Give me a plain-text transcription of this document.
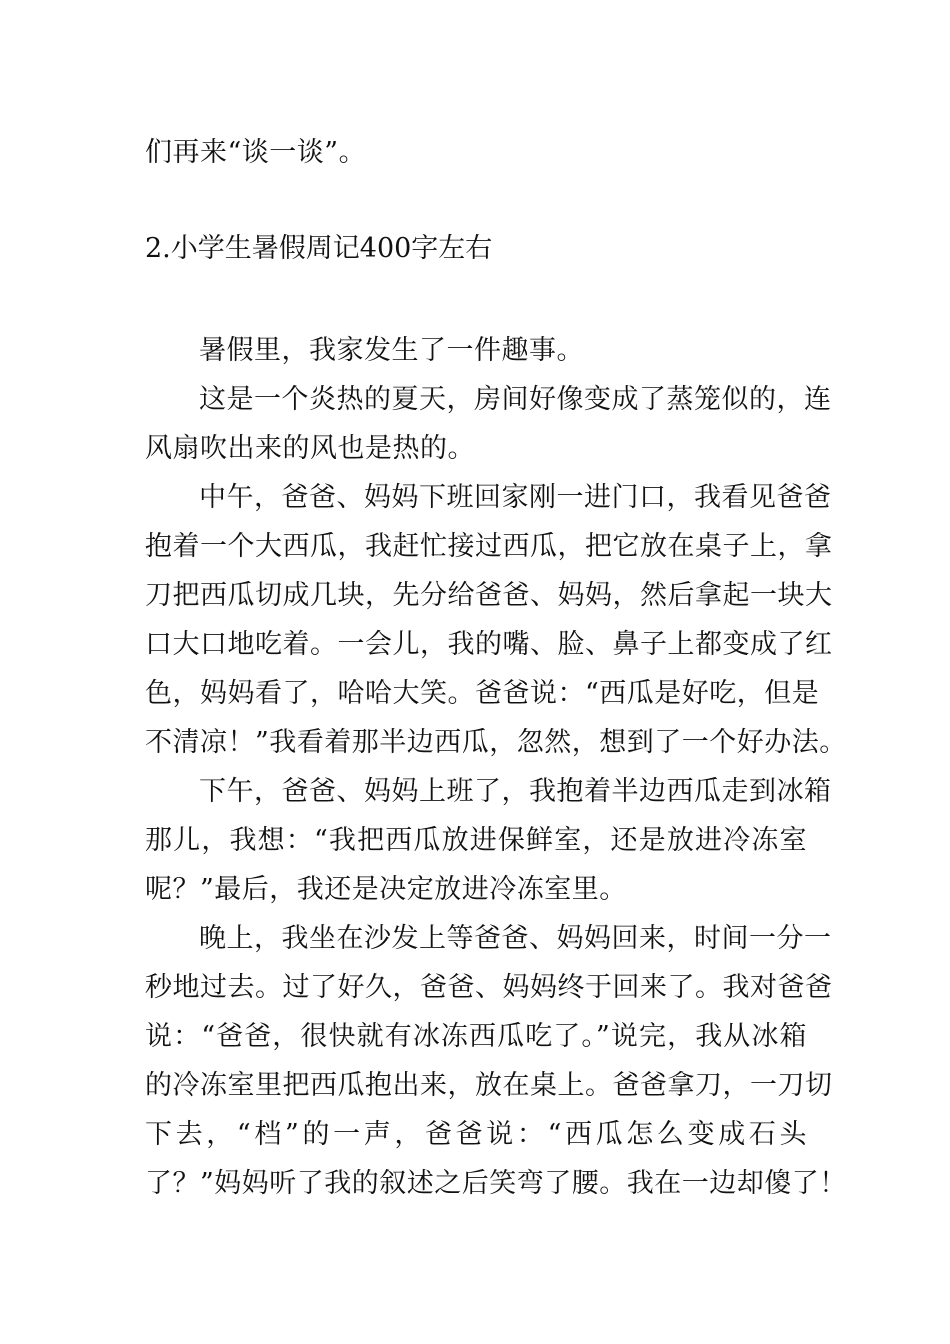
们再来“谈一谈”。
2.小学生暑假周记400字左右
暑假里，我家发生了一件趣事。
这是一个炎热的夏天，房间好像变成了蒸笼似的，连
风扇吹出来的风也是热的。
中午，爸爸、妈妈下班回家刚一进门口，我看见爸爸
抱着一个大西瓜，我赶忙接过西瓜，把它放在桌子上，拿
刀把西瓜切成几块，先分给爸爸、妈妈，然后拿起一块大
口大口地吃着。一会儿，我的嘴、脸、鼻子上都变成了红
色，妈妈看了，哈哈大笑。爸爸说：“西瓜是好吃，但是
不清凉！”我看着那半边西瓜，忽然，想到了一个好办法。
下午，爸爸、妈妈上班了，我抱着半边西瓜走到冰箱
那儿，我想：“我把西瓜放进保鲜室，还是放进冷冻室
呢？”最后，我还是决定放进冷冻室里。
晚上，我坐在沙发上等爸爸、妈妈回来，时间一分一
秒地过去。过了好久，爸爸、妈妈终于回来了。我对爸爸
说：“爸爸，很快就有冰冻西瓜吃了。”说完，我从冰箱
的冷冻室里把西瓜抱出来，放在桌上。爸爸拿刀，一刀切
下去，“档”的一声，爸爸说：“西瓜怎么变成石头
了？”妈妈听了我的叙述之后笑弯了腰。我在一边却傻了！
